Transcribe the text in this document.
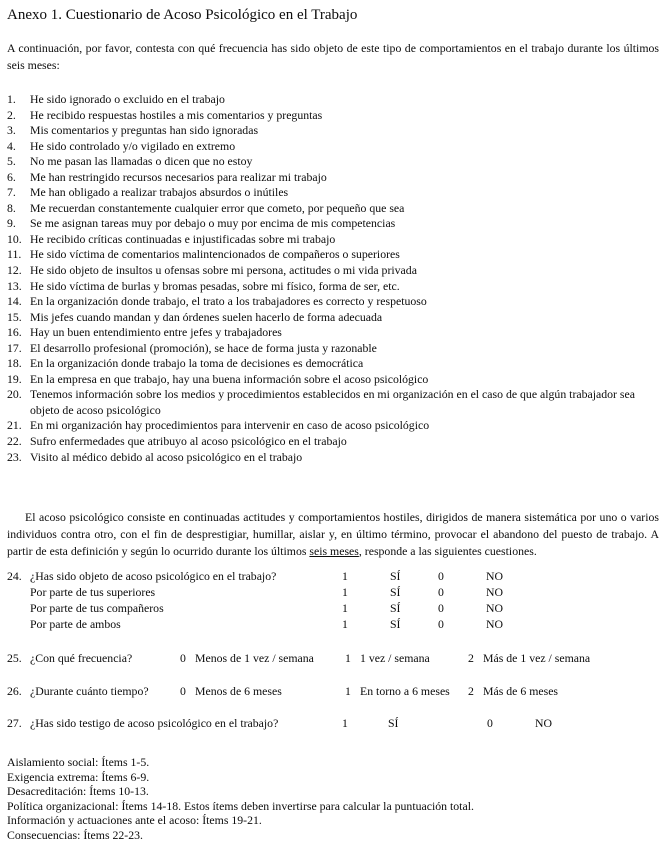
Anexo 1. Cuestionario de Acoso Psicológico en el Trabajo

A continuación, por favor, contesta con qué frecuencia has sido objeto de este tipo de comportamientos en el trabajo durante los últimos seis meses:

1.	He sido ignorado o excluido en el trabajo
2.	He recibido respuestas hostiles a mis comentarios y preguntas
3.	Mis comentarios y preguntas han sido ignoradas
4.	He sido controlado y/o vigilado en extremo
5.	No me pasan las llamadas o dicen que no estoy
6.	Me han restringido recursos necesarios para realizar mi trabajo
7.	Me han obligado a realizar trabajos absurdos o inútiles
8.	Me recuerdan constantemente cualquier error que cometo, por pequeño que sea
9.	Se me asignan tareas muy por debajo o muy por encima de mis competencias
10. He recibido críticas continuadas e injustificadas sobre mi trabajo
11. He sido víctima de comentarios malintencionados de compañeros o superiores
12. He sido objeto de insultos u ofensas sobre mi persona, actitudes o mi vida privada
13. He sido víctima de burlas y bromas pesadas, sobre mi físico, forma de ser, etc.
14. En la organización donde trabajo, el trato a los trabajadores es correcto y respetuoso
15. Mis jefes cuando mandan y dan órdenes suelen hacerlo de forma adecuada
16. Hay un buen entendimiento entre jefes y trabajadores
17. El desarrollo profesional (promoción), se hace de forma justa y razonable
18. En la organización donde trabajo la toma de decisiones es democrática
19. En la empresa en que trabajo, hay una buena información sobre el acoso psicológico
20. Tenemos información sobre los medios y procedimientos establecidos en mi organización en el caso de que algún trabajador sea objeto de acoso psicológico
21. En mi organización hay procedimientos para intervenir en caso de acoso psicológico
22. Sufro enfermedades que atribuyo al acoso psicológico en el trabajo
23. Visito al médico debido al acoso psicológico en el trabajo

El acoso psicológico consiste en continuadas actitudes y comportamientos hostiles, dirigidos de manera sistemática por uno o varios individuos contra otro, con el fin de desprestigiar, humillar, aislar y, en último término, provocar el abandono del puesto de trabajo. A partir de esta definición y según lo ocurrido durante los últimos seis meses, responde a las siguientes cuestiones.

24. ¿Has sido objeto de acoso psicológico en el trabajo?	1	SÍ	0	NO
Por parte de tus superiores	1	SÍ	0	NO
Por parte de tus compañeros	1	SÍ	0	NO
Por parte de ambos	1	SÍ	0	NO
25. ¿Con qué frecuencia?	0 Menos de 1 vez / semana	1 1 vez / semana	2 Más de 1 vez / semana
26. ¿Durante cuánto tiempo?	0 Menos de 6 meses	1 En torno a 6 meses	2 Más de 6 meses
27. ¿Has sido testigo de acoso psicológico en el trabajo?	1	SÍ	0	NO
Aislamiento social: Ítems 1-5.
Exigencia extrema: Ítems 6-9.
Desacreditación: Ítems 10-13.
Política organizacional: Ítems 14-18. Estos ítems deben invertirse para calcular la puntuación total.
Información y actuaciones ante el acoso: Ítems 19-21.
Consecuencias: Ítems 22-23.
